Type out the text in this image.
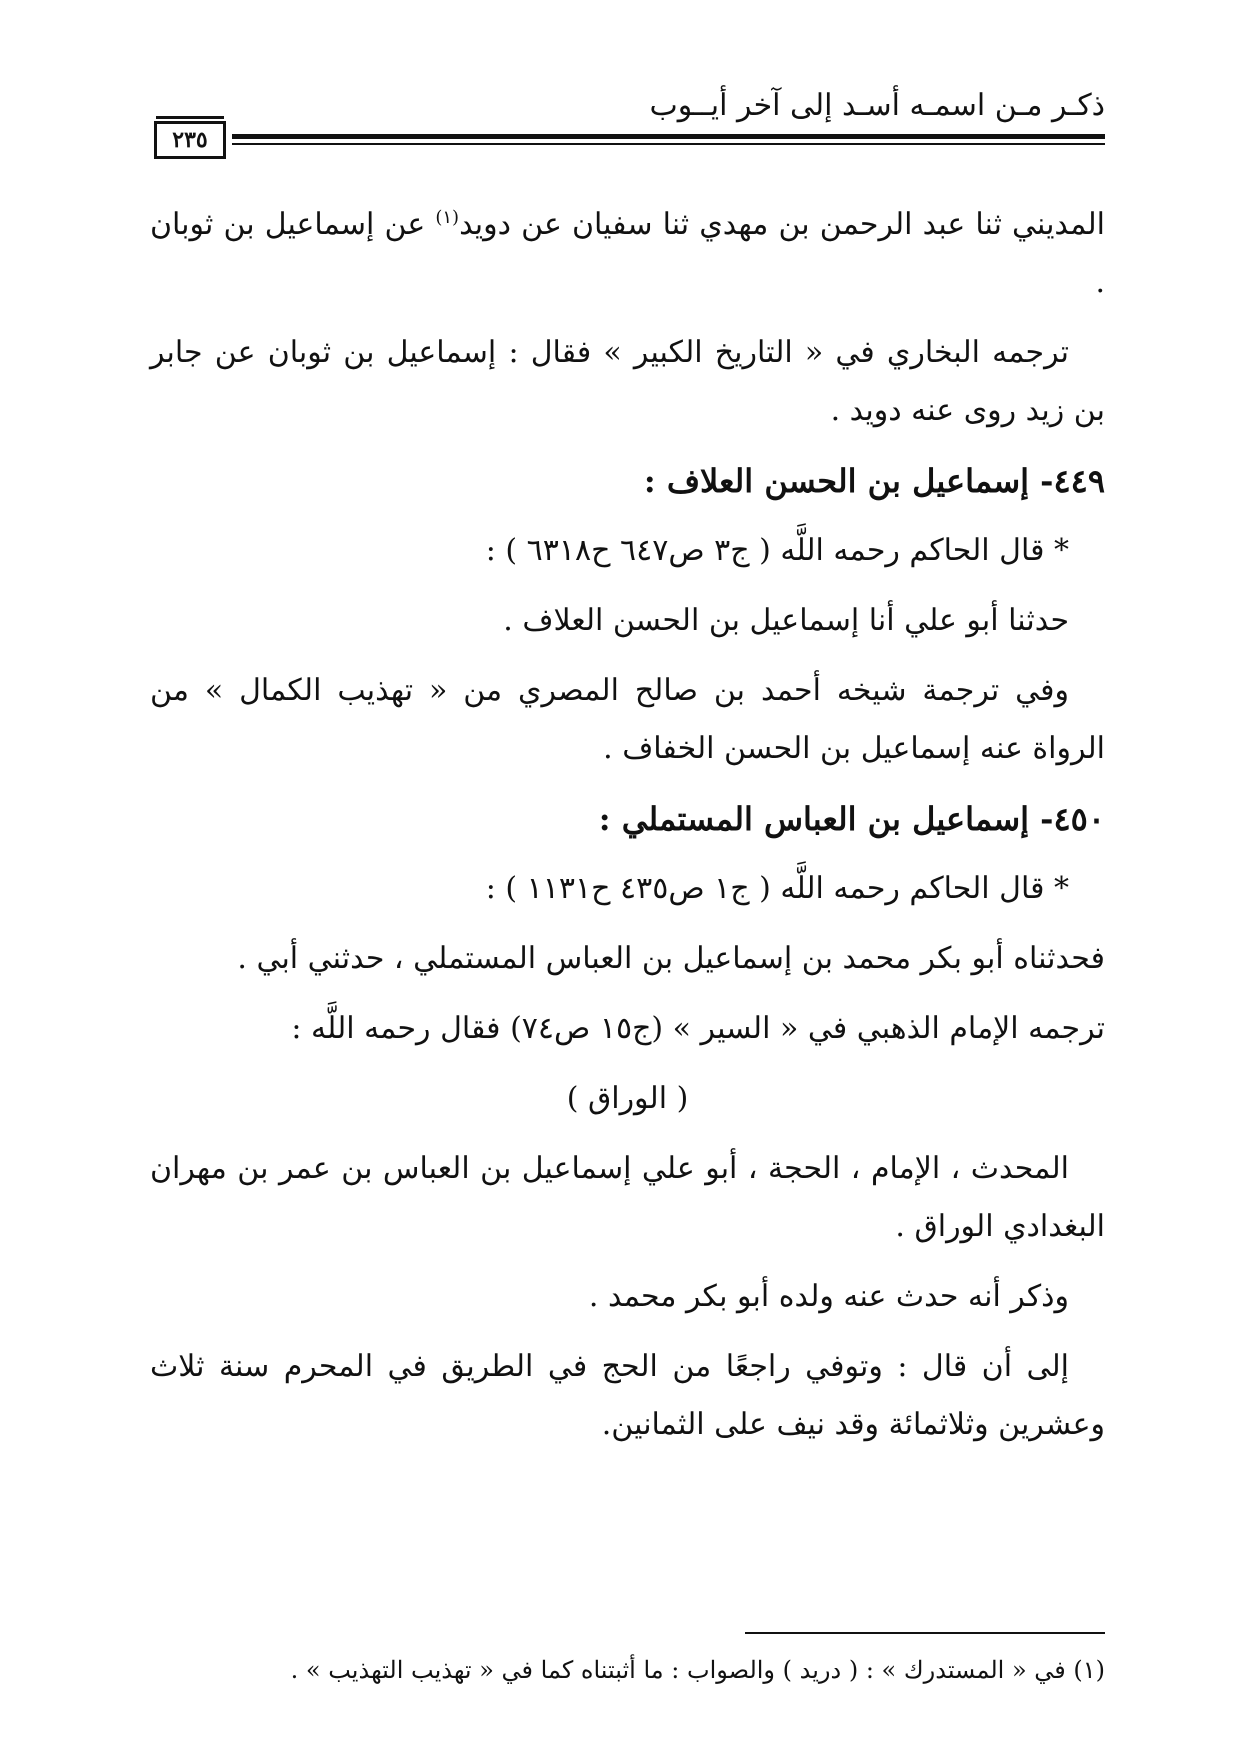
ذكـر مـن اسمـه أسـد إلى آخر أيــوب
٢٣٥

المديني ثنا عبد الرحمن بن مهدي ثنا سفيان عن دويد$^{(١)}$ عن إسماعيل بن ثوبان .

ترجمه البخاري في « التاريخ الكبير » فقال : إسماعيل بن ثوبان عن جابر بن زيد روى عنه دويد .

٤٤٩- إسماعيل بن الحسن العلاف :

* قال الحاكم رحمه اللَّه ( ج٣ ص٦٤٧ ح٦٣١٨ ) :

حدثنا أبو علي أنا إسماعيل بن الحسن العلاف .

وفي ترجمة شيخه أحمد بن صالح المصري من « تهذيب الكمال » من الرواة عنه إسماعيل بن الحسن الخفاف .

٤٥٠- إسماعيل بن العباس المستملي :

* قال الحاكم رحمه اللَّه ( ج١ ص٤٣٥ ح١١٣١ ) :

فحدثناه أبو بكر محمد بن إسماعيل بن العباس المستملي ، حدثني أبي .

ترجمه الإمام الذهبي في « السير » (ج١٥ ص٧٤) فقال رحمه اللَّه :

( الوراق )

المحدث ، الإمام ، الحجة ، أبو علي إسماعيل بن العباس بن عمر بن مهران البغدادي الوراق .

وذكر أنه حدث عنه ولده أبو بكر محمد .

إلى أن قال : وتوفي راجعًا من الحج في الطريق في المحرم سنة ثلاث وعشرين وثلاثمائة وقد نيف على الثمانين.

(١) في « المستدرك » : ( دريد ) والصواب : ما أثبتناه كما في « تهذيب التهذيب » .
